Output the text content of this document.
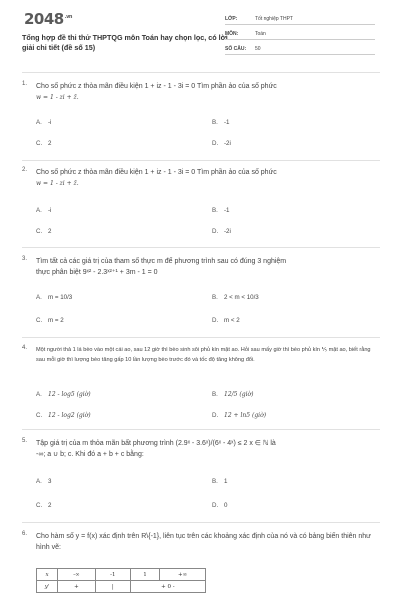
$2048^{.vn}$
Tổng hợp đề thi thử THPTQG môn Toán hay chọn lọc, có lời giải chi tiết (đề số 15)
LỚP:	Tốt nghiệp THPT
MÔN:	Toán
SỐ CÂU: 50
1. Cho số phức z thỏa mãn điều kiện 1 + iz - 1 - 3i = 0 Tìm phần ảo của số phức
w = 1 - zi + z̄.
A. -i	B. -1
C. 2	D. -2i
2. Cho số phức z thỏa mãn điều kiện 1 + iz - 1 - 3i = 0 Tìm phần ảo của số phức
w = 1 - zi + z̄.
A. -i	B. -1
C. 2	D. -2i
3. Tìm tất cả các giá trị của tham số thực m để phương trình sau có đúng 3 nghiệm
thực phân biệt 9ˣ² - 2.3ˣ²⁺¹ + 3m - 1 = 0
A. m = 10/3	B. 2 < m < 10/3
C. m = 2	D. m < 2
4. Một người thả 1 lá bèo vào một cái ao, sau 12 giờ thì bèo sinh sôi phủ kín mặt ao. Hỏi sau mấy giờ thì bèo phủ kín ⅕ mặt ao, biết rằng sau mỗi giờ thì lượng bèo tăng gấp 10 lần lượng bèo trước đó và tốc độ tăng không đổi.
A. 12 - log5 (giờ)	B. 12/5 (giờ)
C. 12 - log2 (giờ)	D. 12 + ln5 (giờ)
5. Tập giá trị của m thỏa mãn bất phương trình (2.9ˣ - 3.6ˣ)/(6ˣ - 4ˣ) ≤ 2 x ∈ ℕ là
-∞; a ∪ b; c. Khi đó a + b + c bằng:
A. 3	B. 1
C. 2	D. 0
6. Cho hàm số y = f(x) xác định trên R\{-1}, liên tục trên các khoảng xác định của nó và có bảng biến thiên như hình vẽ:
x	-∞	-1	1	+∞
y'	+	|	+ 0 -	
